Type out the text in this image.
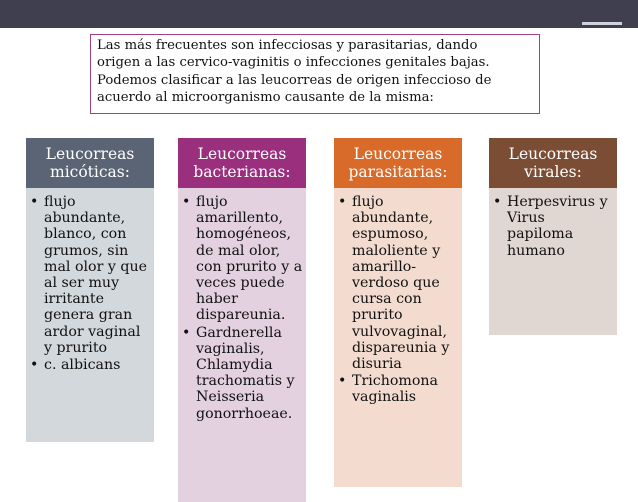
Las más frecuentes son infecciosas y parasitarias, dando
origen a las cervico-vaginitis o infecciones genitales bajas.
Podemos clasificar a las leucorreas de origen infeccioso de
acuerdo al microorganismo causante de la misma:
Leucorreas
micóticas:
• flujo
abundante,
blanco, con
grumos, sin
mal olor y que
al ser muy
irritante
genera gran
ardor vaginal
y prurito
• c. albicans
Leucorreas
bacterianas:
• flujo
amarillento,
homogéneos,
de mal olor,
con prurito y a
veces puede
haber
dispareunia.
• Gardnerella
vaginalis,
Chlamydia
trachomatis y
Neisseria
gonorrhoeae.
Leucorreas
parasitarias:
• flujo
abundante,
espumoso,
maloliente y
amarillo-
verdoso que
cursa con
prurito
vulvovaginal,
dispareunia y
disuria
• Trichomona
vaginalis
Leucorreas
virales:
• Herpesvirus y
Virus
papiloma
humano
